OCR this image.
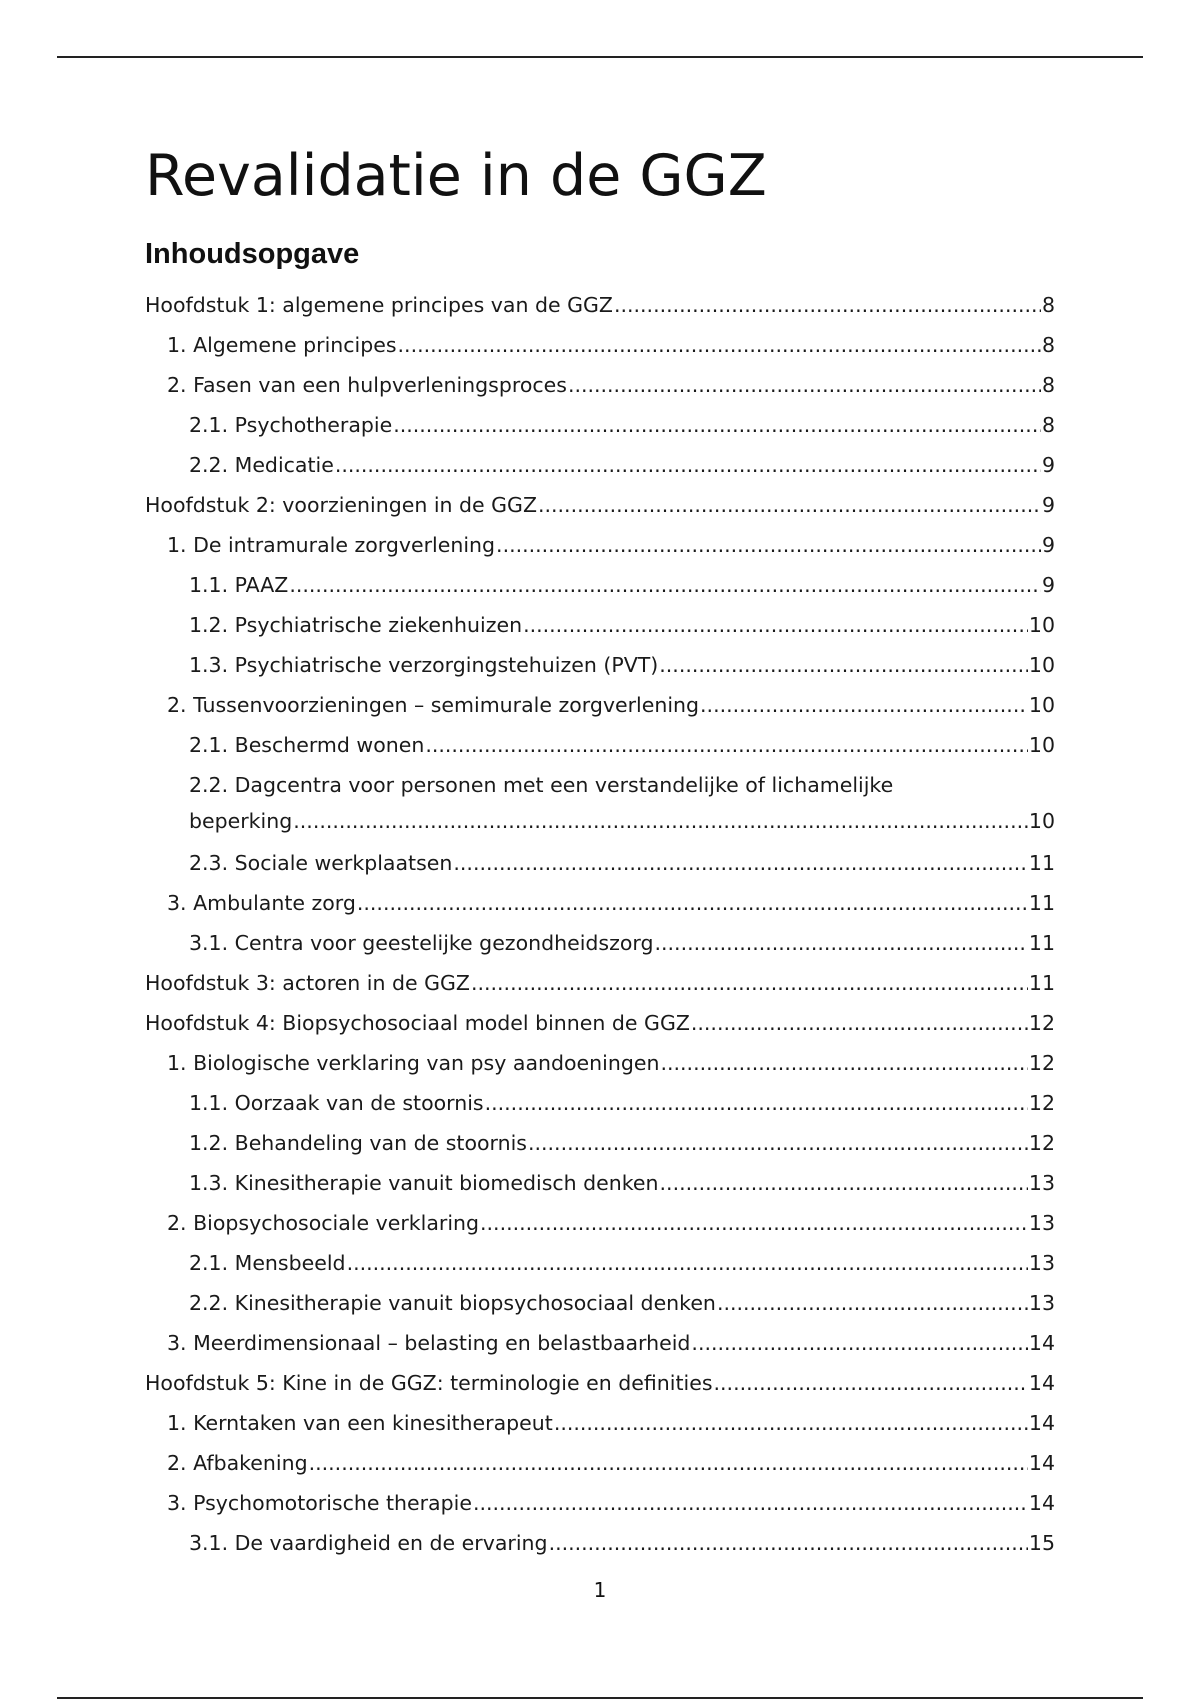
Revalidatie in de GGZ
Inhoudsopgave
Hoofdstuk 1: algemene principes van de GGZ .....	8
1. Algemene principes .....	8
2. Fasen van een hulpverleningsproces .....	8
2.1. Psychotherapie .....	8
2.2. Medicatie .....	9
Hoofdstuk 2: voorzieningen in de GGZ .....	9
1. De intramurale zorgverlening .....	9
1.1. PAAZ .....	9
1.2. Psychiatrische ziekenhuizen .....	10
1.3. Psychiatrische verzorgingstehuizen (PVT) .....	10
2. Tussenvoorzieningen – semimurale zorgverlening .....	10
2.1. Beschermd wonen .....	10
2.2. Dagcentra voor personen met een verstandelijke of lichamelijke
beperking .....	10
2.3. Sociale werkplaatsen .....	11
3. Ambulante zorg .....	11
3.1. Centra voor geestelijke gezondheidszorg .....	11
Hoofdstuk 3: actoren in de GGZ .....	11
Hoofdstuk 4: Biopsychosociaal model binnen de GGZ .....	12
1. Biologische verklaring van psy aandoeningen .....	12
1.1. Oorzaak van de stoornis .....	12
1.2. Behandeling van de stoornis .....	12
1.3. Kinesitherapie vanuit biomedisch denken .....	13
2. Biopsychosociale verklaring .....	13
2.1. Mensbeeld .....	13
2.2. Kinesitherapie vanuit biopsychosociaal denken .....	13
3. Meerdimensionaal – belasting en belastbaarheid .....	14
Hoofdstuk 5: Kine in de GGZ: terminologie en definities .....	14
1. Kerntaken van een kinesitherapeut .....	14
2. Afbakening .....	14
3. Psychomotorische therapie .....	14
3.1. De vaardigheid en de ervaring .....	15
1
